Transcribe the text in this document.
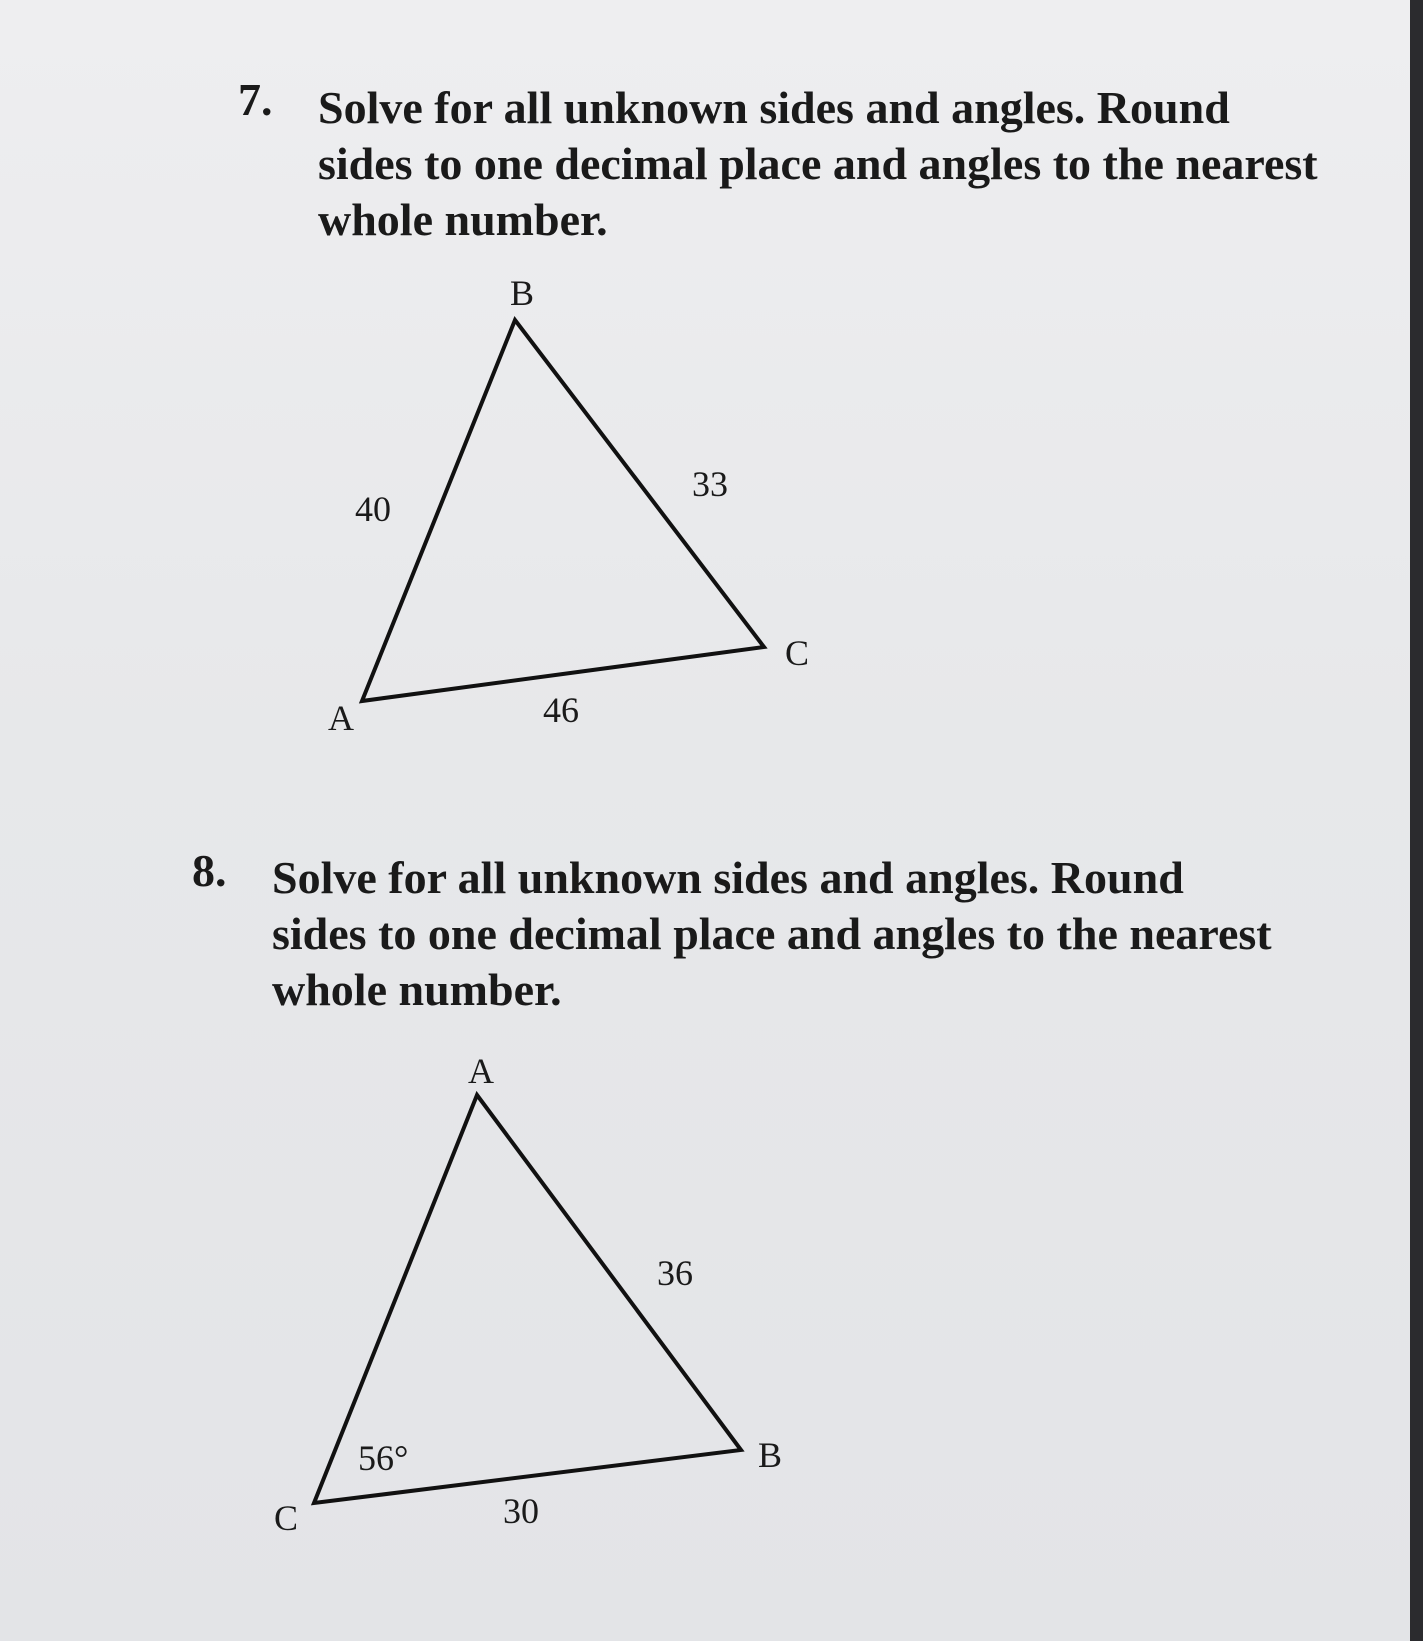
7. Solve for all unknown sides and angles. Round
sides to one decimal place and angles to the nearest
whole number.
B
A
C
40
33
46
8. Solve for all unknown sides and angles. Round
sides to one decimal place and angles to the nearest
whole number.
A
C
B
36
30
56°
